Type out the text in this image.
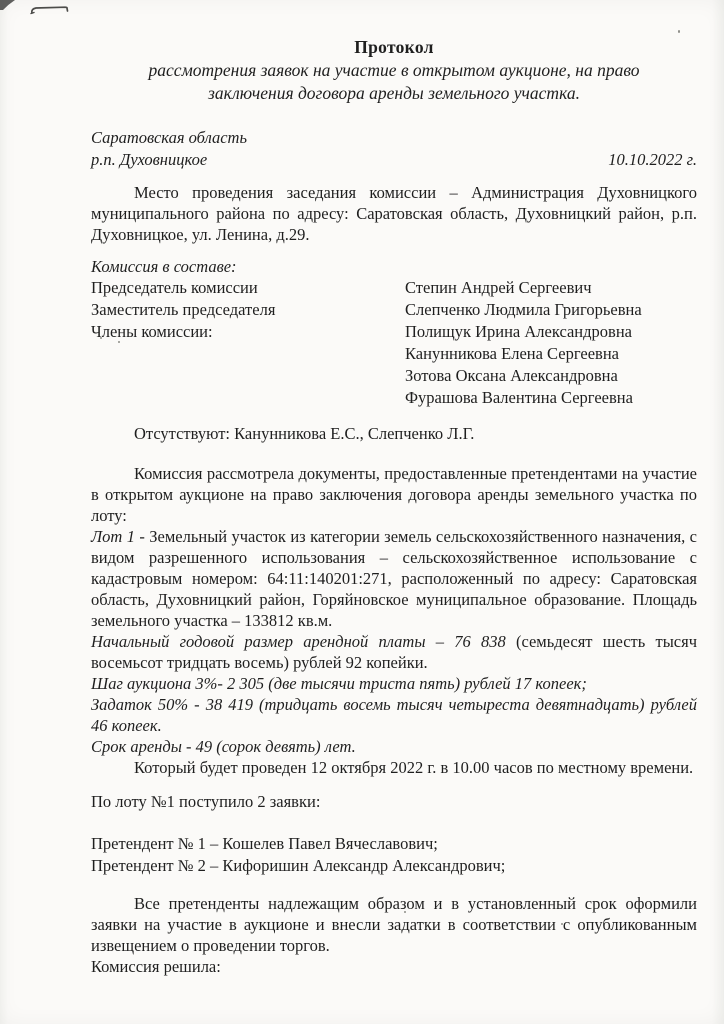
Протокол
рассмотрения заявок на участие в открытом аукционе, на право заключения договора аренды земельного участка.
Саратовская область
р.п. Духовницкое	10.10.2022 г.
Место проведения заседания комиссии – Администрация Духовницкого муниципального района по адресу: Саратовская область, Духовницкий район, р.п. Духовницкое, ул. Ленина, д.29.
Комиссия в составе:
Председатель комиссии	Степин Андрей Сергеевич
Заместитель председателя	Слепченко Людмила Григорьевна
Члены комиссии:	Полищук Ирина Александровна
Канунникова Елена Сергеевна
Зотова Оксана Александровна
Фурашова Валентина Сергеевна
Отсутствуют: Канунникова Е.С., Слепченко Л.Г.
Комиссия рассмотрела документы, предоставленные претендентами на участие в открытом аукционе на право заключения договора аренды земельного участка по лоту:
Лот 1 - Земельный участок из категории земель сельскохозяйственного назначения, с видом разрешенного использования – сельскохозяйственное использование с кадастровым номером: 64:11:140201:271, расположенный по адресу: Саратовская область, Духовницкий район, Горяйновское муниципальное образование. Площадь земельного участка – 133812 кв.м.
Начальный годовой размер арендной платы – 76 838 (семьдесят шесть тысяч восемьсот тридцать восемь) рублей 92 копейки.
Шаг аукциона 3%- 2 305 (две тысячи триста пять) рублей 17 копеек;
Задаток 50% - 38 419 (тридцать восемь тысяч четыреста девятнадцать) рублей 46 копеек.
Срок аренды - 49 (сорок девять) лет.
Который будет проведен 12 октября 2022 г. в 10.00 часов по местному времени.
По лоту №1 поступило 2 заявки:
Претендент № 1 – Кошелев Павел Вячеславович;
Претендент № 2 – Кифоришин Александр Александрович;
Все претенденты надлежащим образом и в установленный срок оформили заявки на участие в аукционе и внесли задатки в соответствии с опубликованным извещением о проведении торгов.
Комиссия решила:
